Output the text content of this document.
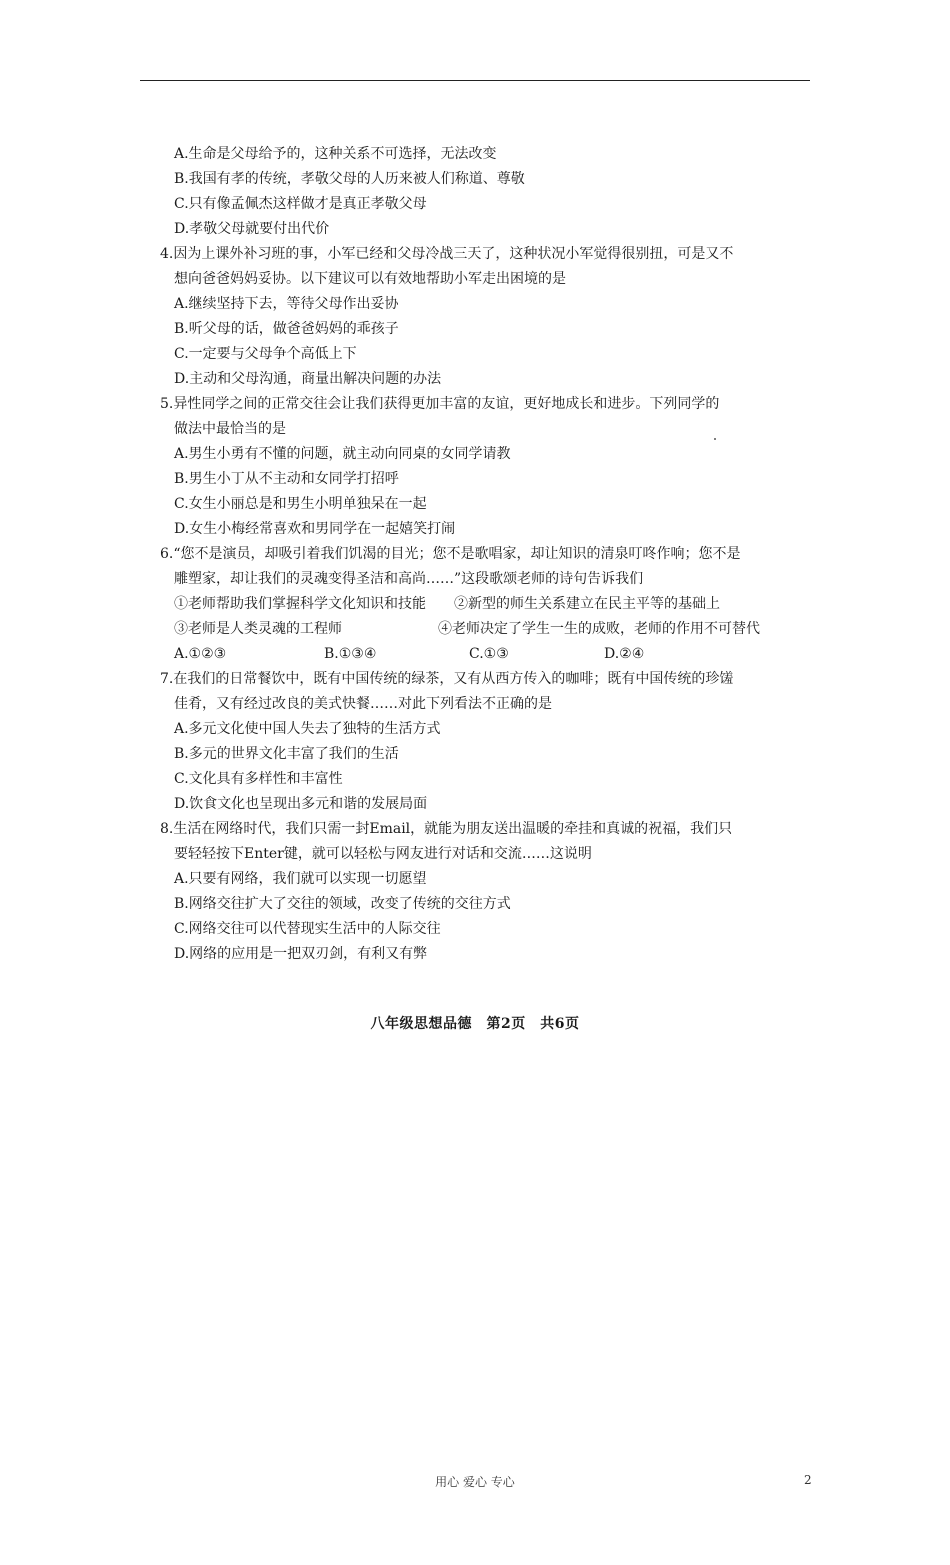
A.生命是父母给予的，这种关系不可选择，无法改变
B.我国有孝的传统，孝敬父母的人历来被人们称道、尊敬
C.只有像孟佩杰这样做才是真正孝敬父母
D.孝敬父母就要付出代价
4.因为上课外补习班的事，小军已经和父母冷战三天了，这种状况小军觉得很别扭，可是又不
想向爸爸妈妈妥协。以下建议可以有效地帮助小军走出困境的是
A.继续坚持下去，等待父母作出妥协
B.听父母的话，做爸爸妈妈的乖孩子
C.一定要与父母争个高低上下
D.主动和父母沟通，商量出解决问题的办法
5.异性同学之间的正常交往会让我们获得更加丰富的友谊，更好地成长和进步。下列同学的
做法中最恰当的是
A.男生小勇有不懂的问题，就主动向同桌的女同学请教
B.男生小丁从不主动和女同学打招呼
C.女生小丽总是和男生小明单独呆在一起
D.女生小梅经常喜欢和男同学在一起嬉笑打闹
6.“您不是演员，却吸引着我们饥渴的目光；您不是歌唱家，却让知识的清泉叮咚作响；您不是
雕塑家，却让我们的灵魂变得圣洁和高尚……”这段歌颂老师的诗句告诉我们
①老师帮助我们掌握科学文化知识和技能	②新型的师生关系建立在民主平等的基础上
③老师是人类灵魂的工程师	④老师决定了学生一生的成败，老师的作用不可替代
A.①②③	B.①③④	C.①③	D.②④
7.在我们的日常餐饮中，既有中国传统的绿茶，又有从西方传入的咖啡；既有中国传统的珍馐
佳肴，又有经过改良的美式快餐……对此下列看法不正确的是
A.多元文化使中国人失去了独特的生活方式
B.多元的世界文化丰富了我们的生活
C.文化具有多样性和丰富性
D.饮食文化也呈现出多元和谐的发展局面
8.生活在网络时代，我们只需一封Email，就能为朋友送出温暖的牵挂和真诚的祝福，我们只
要轻轻按下Enter键，就可以轻松与网友进行对话和交流……这说明
A.只要有网络，我们就可以实现一切愿望
B.网络交往扩大了交往的领域，改变了传统的交往方式
C.网络交往可以代替现实生活中的人际交往
D.网络的应用是一把双刃剑，有利又有弊
八年级思想品德　第2页　共6页
用心 爱心 专心	2
